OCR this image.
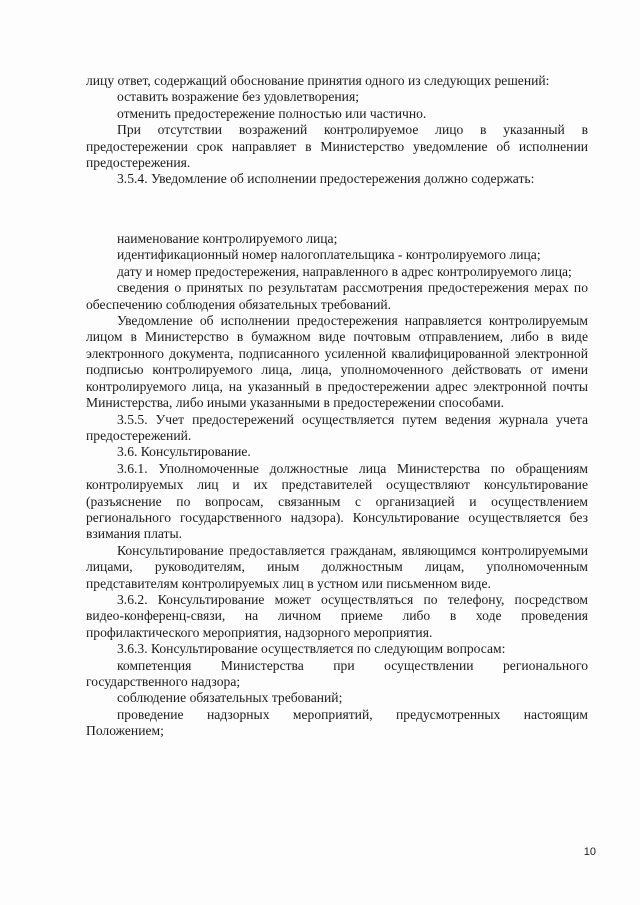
лицу ответ, содержащий обоснование принятия одного из следующих решений:

оставить возражение без удовлетворения;

отменить предостережение полностью или частично.

При отсутствии возражений контролируемое лицо в указанный в предостережении срок направляет в Министерство уведомление об исполнении предостережения.

3.5.4. Уведомление об исполнении предостережения должно содержать:

наименование контролируемого лица;

идентификационный номер налогоплательщика - контролируемого лица;

дату и номер предостережения, направленного в адрес контролируемого лица;

сведения о принятых по результатам рассмотрения предостережения мерах по обеспечению соблюдения обязательных требований.

Уведомление об исполнении предостережения направляется контролируемым лицом в Министерство в бумажном виде почтовым отправлением, либо в виде электронного документа, подписанного усиленной квалифицированной электронной подписью контролируемого лица, лица, уполномоченного действовать от имени контролируемого лица, на указанный в предостережении адрес электронной почты Министерства, либо иными указанными в предостережении способами.

3.5.5. Учет предостережений осуществляется путем ведения журнала учета предостережений.

3.6. Консультирование.

3.6.1. Уполномоченные должностные лица Министерства по обращениям контролируемых лиц и их представителей осуществляют консультирование (разъяснение по вопросам, связанным с организацией и осуществлением регионального государственного надзора). Консультирование осуществляется без взимания платы.

Консультирование предоставляется гражданам, являющимся контролируемыми лицами, руководителям, иным должностным лицам, уполномоченным представителям контролируемых лиц в устном или письменном виде.

3.6.2. Консультирование может осуществляться по телефону, посредством видео-конференц-связи, на личном приеме либо в ходе проведения профилактического мероприятия, надзорного мероприятия.

3.6.3. Консультирование осуществляется по следующим вопросам:

компетенция Министерства при осуществлении регионального государственного надзора;

соблюдение обязательных требований;

проведение надзорных мероприятий, предусмотренных настоящим Положением;

10
